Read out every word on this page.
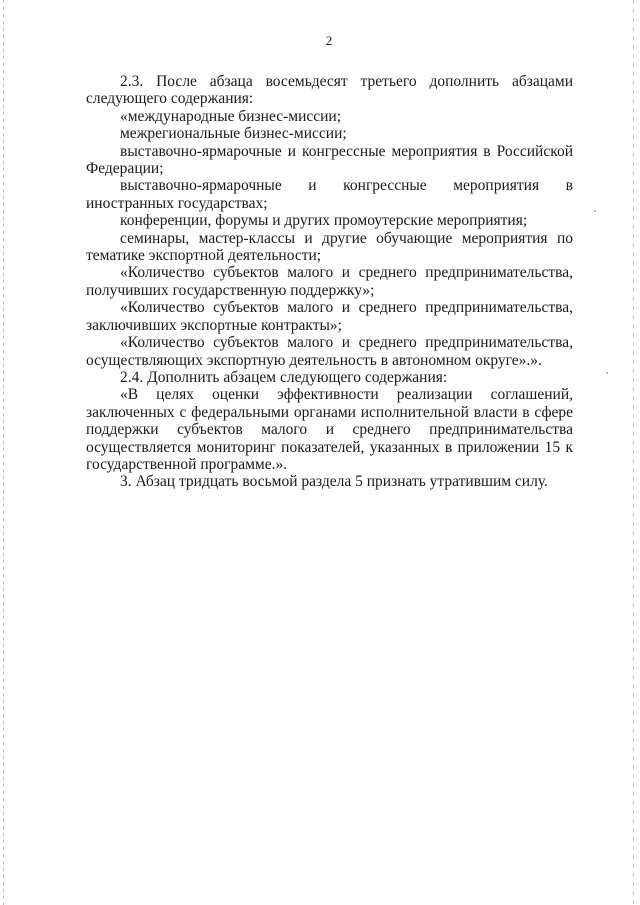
2

2.3. После абзаца восемьдесят третьего дополнить абзацами следующего содержания:

«международные бизнес-миссии;

межрегиональные бизнес-миссии;

выставочно-ярмарочные и конгрессные мероприятия в Российской Федерации;

выставочно-ярмарочные и конгрессные мероприятия в иностранных государствах;

конференции, форумы и других промоутерские мероприятия;

семинары, мастер-классы и другие обучающие мероприятия по тематике экспортной деятельности;

«Количество субъектов малого и среднего предпринимательства, получивших государственную поддержку»;

«Количество субъектов малого и среднего предпринимательства, заключивших экспортные контракты»;

«Количество субъектов малого и среднего предпринимательства, осуществляющих экспортную деятельность в автономном округе».».

2.4. Дополнить абзацем следующего содержания:

«В целях оценки эффективности реализации соглашений, заключенных с федеральными органами исполнительной власти в сфере поддержки субъектов малого и среднего предпринимательства осуществляется мониторинг показателей, указанных в приложении 15 к государственной программе.».

3. Абзац тридцать восьмой раздела 5 признать утратившим силу.
